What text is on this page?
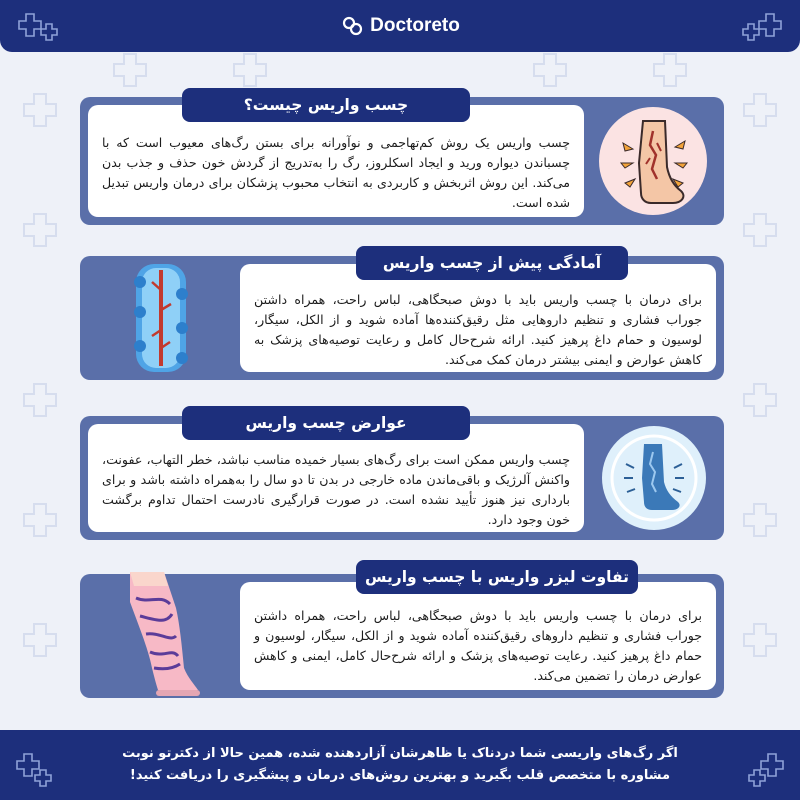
Doctoreto
چسب واریس یک روش کم‌تهاجمی و نوآورانه برای بستن رگ‌های معیوب است که با چسباندن دیواره ورید و ایجاد اسکلروز، رگ را به‌تدریج از گردش خون حذف و جذب بدن می‌کند. این روش اثربخش و کاربردی به انتخاب محبوب پزشکان برای درمان واریس تبدیل شده است.
چسب واریس چیست؟
برای درمان با چسب واریس باید با دوش صبحگاهی، لباس راحت، همراه داشتن جوراب فشاری و تنظیم داروهایی مثل رقیق‌کننده‌ها آماده شوید و از الکل، سیگار، لوسیون و حمام داغ پرهیز کنید. ارائه شرح‌حال کامل و رعایت توصیه‌های پزشک به کاهش عوارض و ایمنی بیشتر درمان کمک می‌کند.
آمادگی پیش از چسب واریس
چسب واریس ممکن است برای رگ‌های بسیار خمیده مناسب نباشد، خطر التهاب، عفونت، واکنش آلرژیک و باقی‌ماندن ماده خارجی در بدن تا دو سال را به‌همراه داشته باشد و برای بارداری نیز هنوز تأیید نشده است. در صورت قرارگیری نادرست احتمال تداوم برگشت خون وجود دارد.
عوارض چسب واریس
برای درمان با چسب واریس باید با دوش صبحگاهی، لباس راحت، همراه داشتن جوراب فشاری و تنظیم داروهای رقیق‌کننده آماده شوید و از الکل، سیگار، لوسیون و حمام داغ پرهیز کنید. رعایت توصیه‌های پزشک و ارائه شرح‌حال کامل، ایمنی و کاهش عوارض درمان را تضمین می‌کند.
تفاوت لیزر واریس با چسب واریس
اگر رگ‌های واریسی شما دردناک یا ظاهرشان آزاردهنده شده، همین حالا از دکترتو نوبت
مشاوره با متخصص قلب بگیرید و بهترین روش‌های درمان و پیشگیری را دریافت کنید!
